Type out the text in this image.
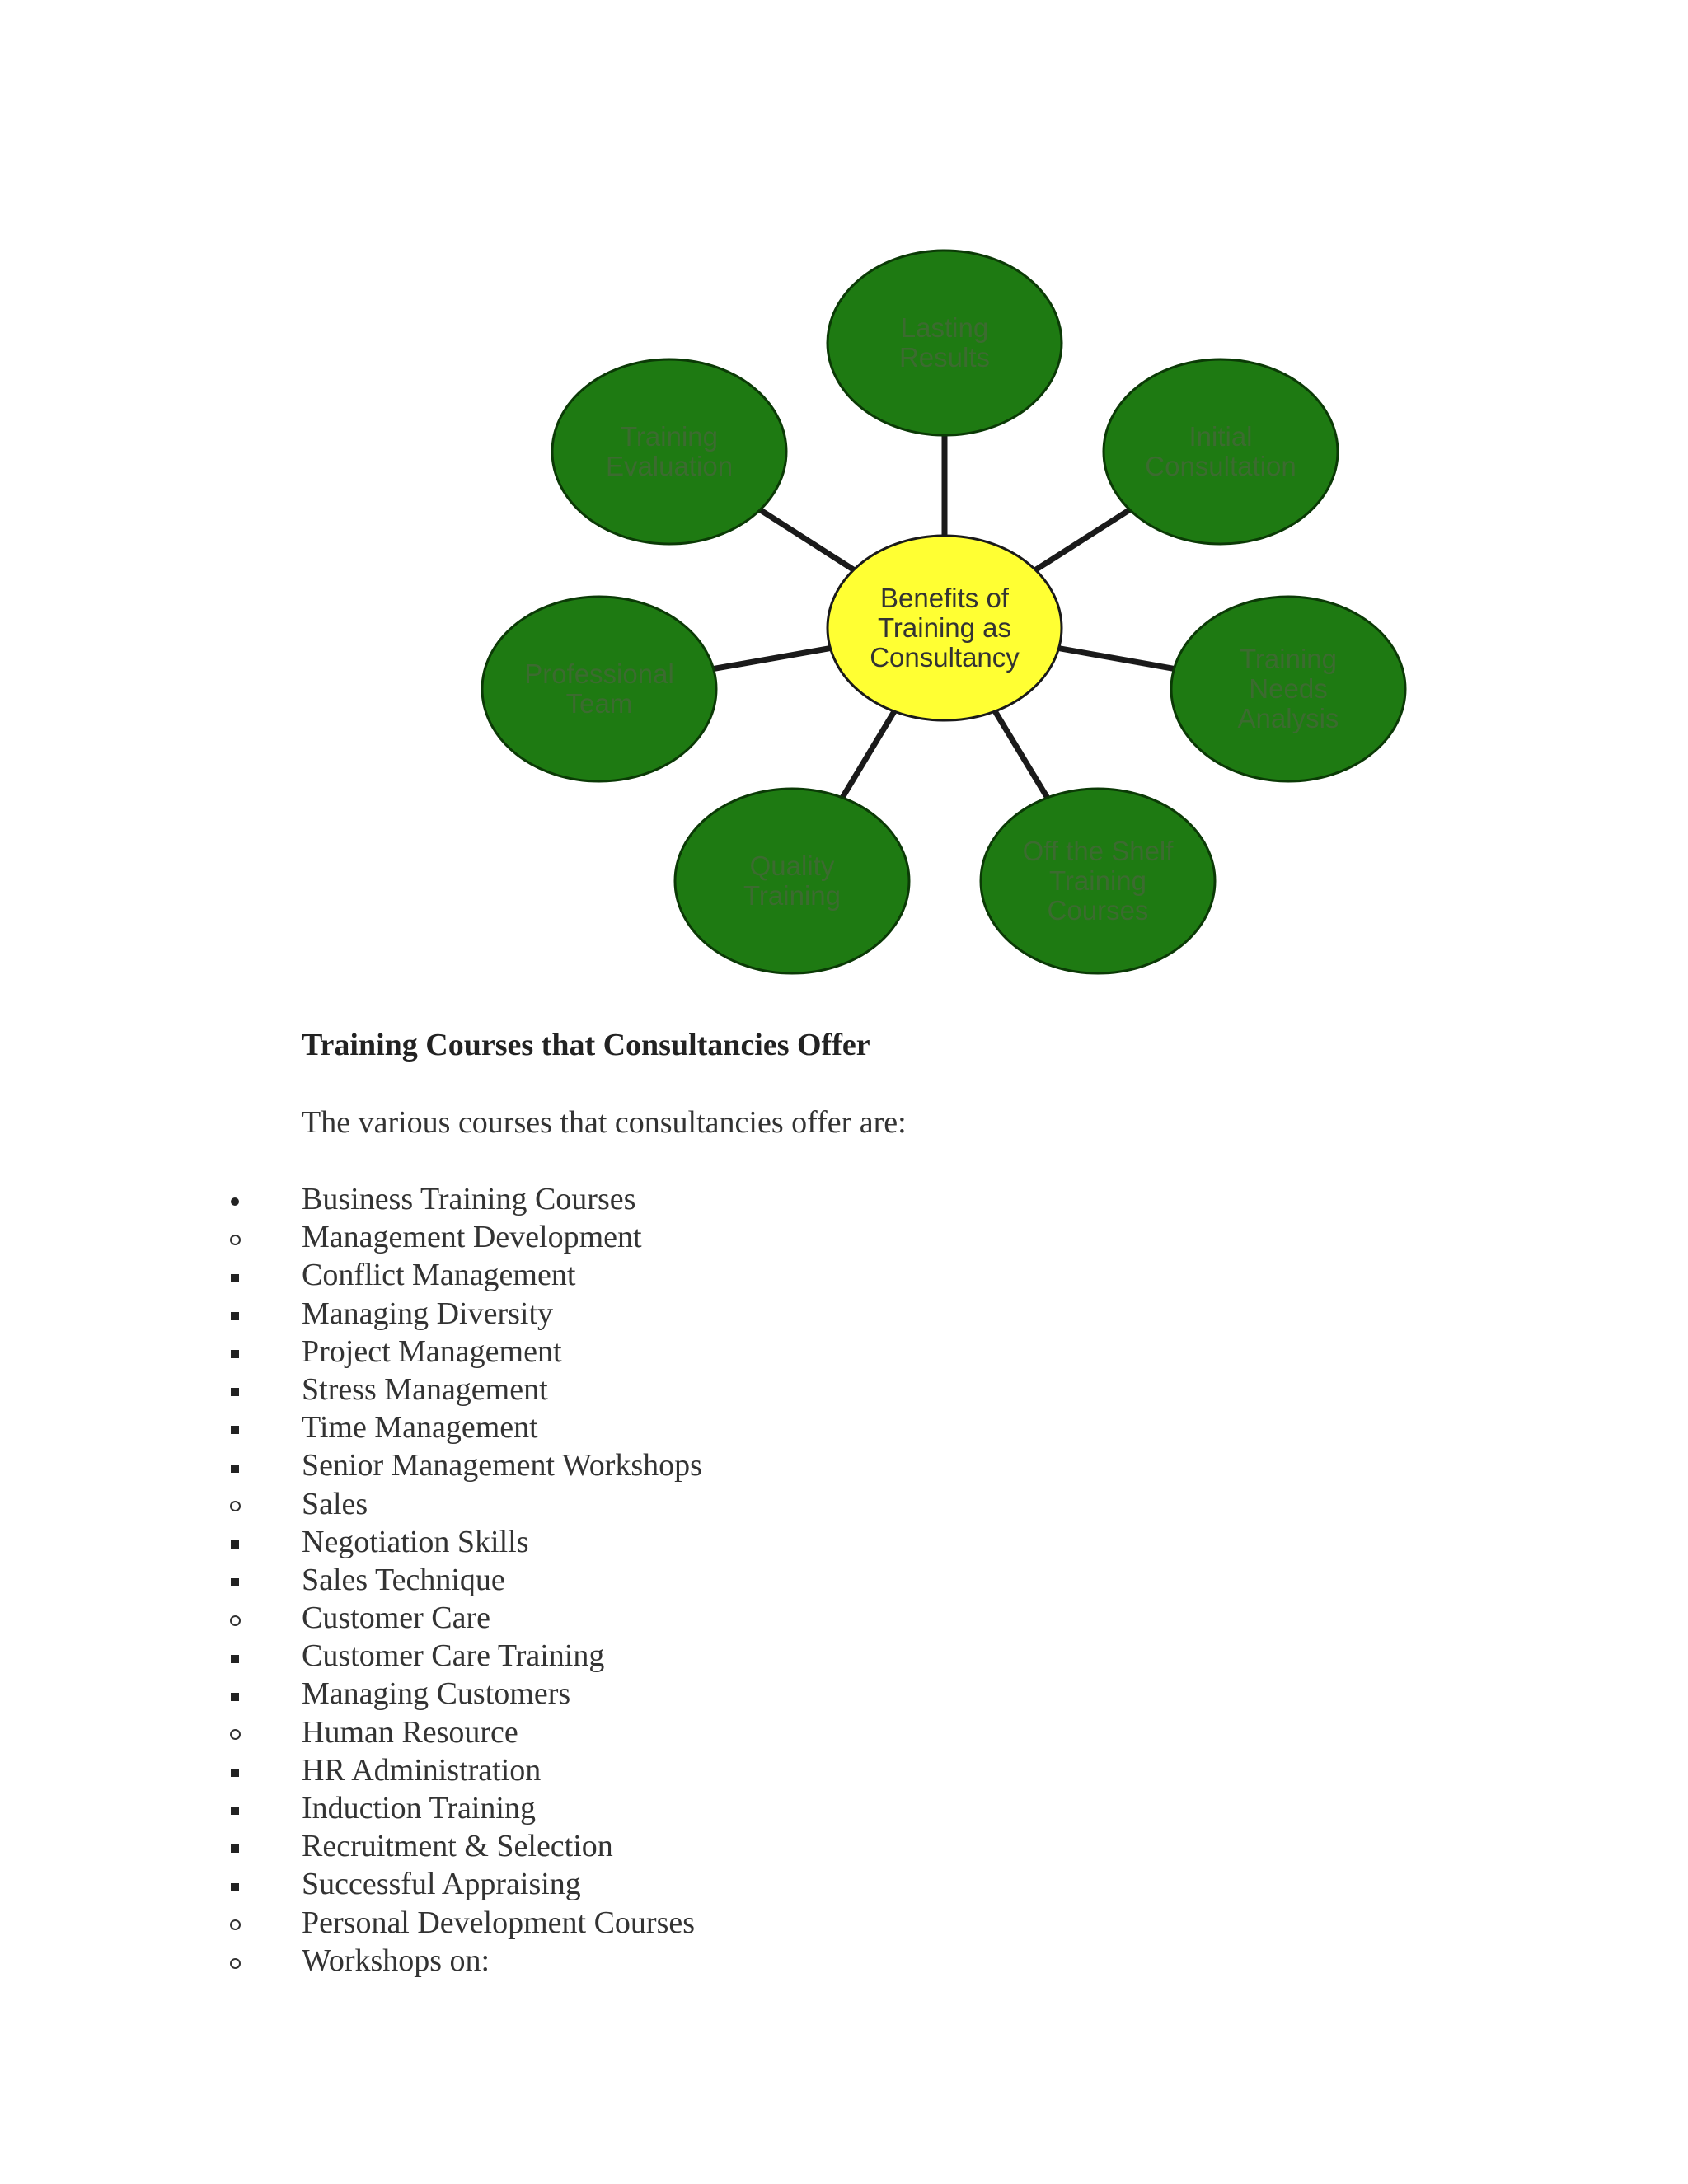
Lasting
Results
Initial
Consultation
Training
Needs
Analysis
Off the Shelf
Training
Courses
Quality
Training
Professional
Team
Training
Evaluation
Benefits of
Training as
Consultancy
Training Courses that Consultancies Offer
The various courses that consultancies offer are:
Business Training Courses
Management Development
Conflict Management
Managing Diversity
Project Management
Stress Management
Time Management
Senior Management Workshops
Sales
Negotiation Skills
Sales Technique
Customer Care
Customer Care Training
Managing Customers
Human Resource
HR Administration
Induction Training
Recruitment & Selection
Successful Appraising
Personal Development Courses
Workshops on:
